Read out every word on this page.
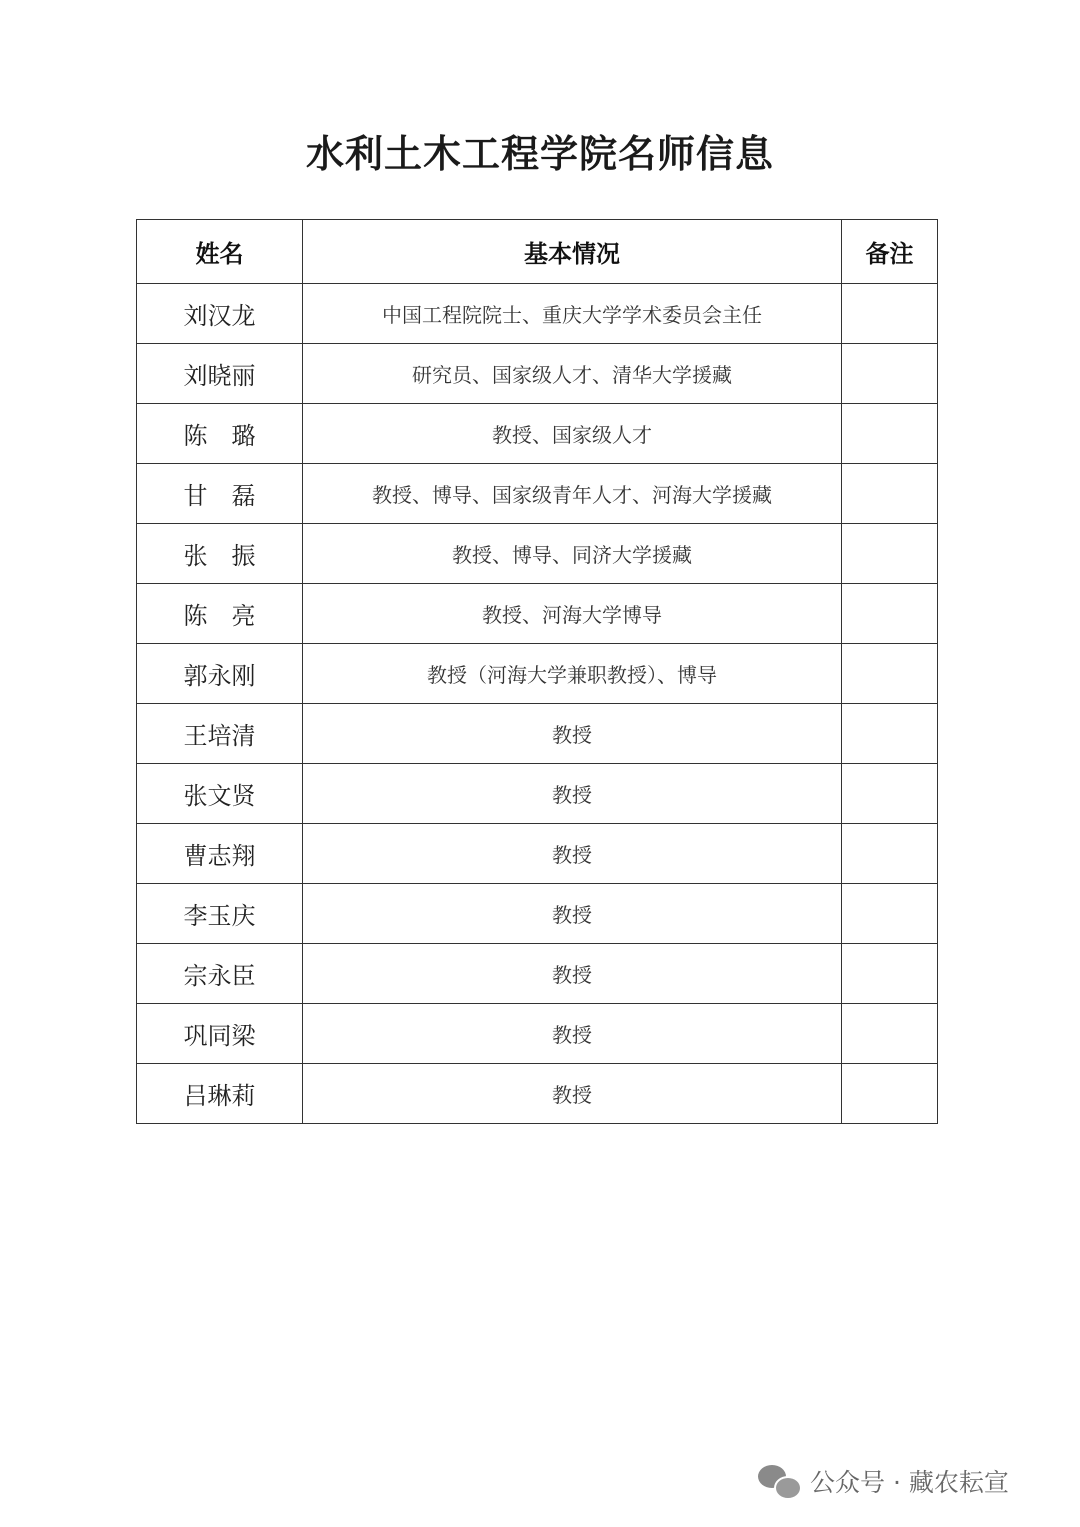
水利土木工程学院名师信息
姓名	基本情况	备注
刘汉龙	中国工程院院士、重庆大学学术委员会主任	
刘晓丽	研究员、国家级人才、清华大学援藏	
陈　璐	教授、国家级人才	
甘　磊	教授、博导、国家级青年人才、河海大学援藏	
张　振	教授、博导、同济大学援藏	
陈　亮	教授、河海大学博导	
郭永刚	教授（河海大学兼职教授）、博导	
王培清	教授	
张文贤	教授	
曹志翔	教授	
李玉庆	教授	
宗永臣	教授	
巩同梁	教授	
吕琳莉	教授	
公众号 · 藏农耘宣
